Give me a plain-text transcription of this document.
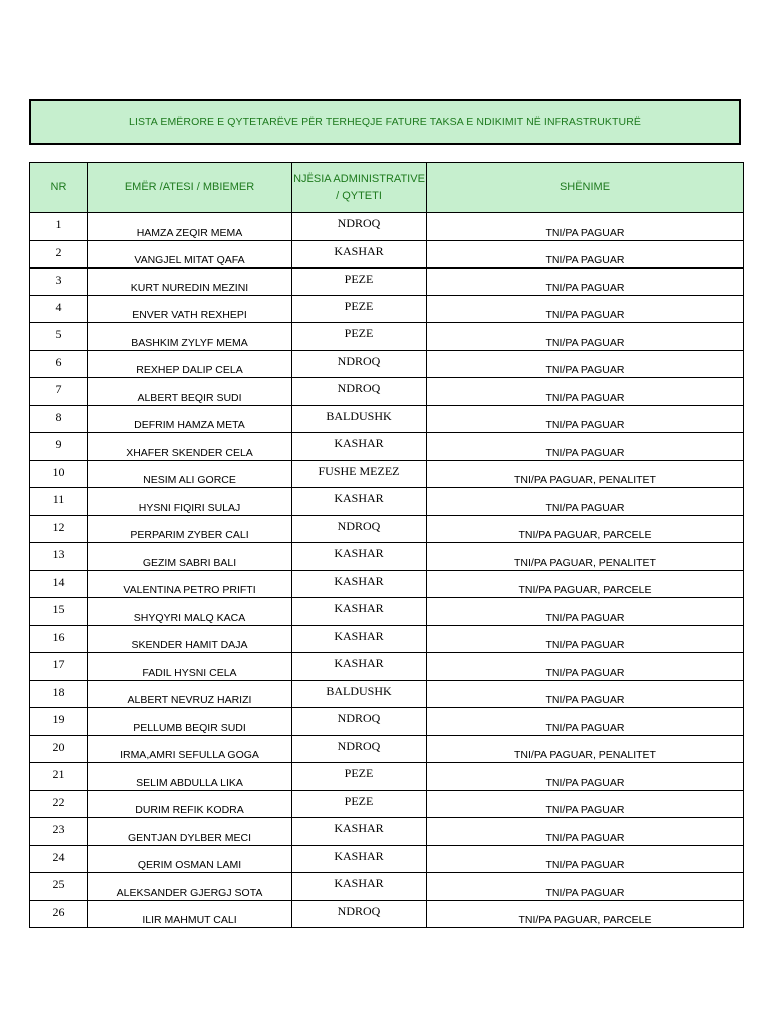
LISTA EMËRORE E QYTETARËVE PËR TERHEQJE FATURE TAKSA E NDIKIMIT NË INFRASTRUKTURË
NR	EMËR /ATESI / MBIEMER	NJËSIA ADMINISTRATIVE
/ QYTETI	SHËNIME
1	HAMZA ZEQIR MEMA	NDROQ	TNI/PA PAGUAR
2	VANGJEL MITAT QAFA	KASHAR	TNI/PA PAGUAR
3	KURT NUREDIN MEZINI	PEZE	TNI/PA PAGUAR
4	ENVER VATH REXHEPI	PEZE	TNI/PA PAGUAR
5	BASHKIM ZYLYF MEMA	PEZE	TNI/PA PAGUAR
6	REXHEP DALIP CELA	NDROQ	TNI/PA PAGUAR
7	ALBERT BEQIR SUDI	NDROQ	TNI/PA PAGUAR
8	DEFRIM HAMZA META	BALDUSHK	TNI/PA PAGUAR
9	XHAFER SKENDER CELA	KASHAR	TNI/PA PAGUAR
10	NESIM ALI GORCE	FUSHE MEZEZ	TNI/PA PAGUAR, PENALITET
11	HYSNI FIQIRI SULAJ	KASHAR	TNI/PA PAGUAR
12	PERPARIM ZYBER CALI	NDROQ	TNI/PA PAGUAR, PARCELE
13	GEZIM SABRI BALI	KASHAR	TNI/PA PAGUAR, PENALITET
14	VALENTINA PETRO PRIFTI	KASHAR	TNI/PA PAGUAR, PARCELE
15	SHYQYRI MALQ KACA	KASHAR	TNI/PA PAGUAR
16	SKENDER HAMIT DAJA	KASHAR	TNI/PA PAGUAR
17	FADIL HYSNI CELA	KASHAR	TNI/PA PAGUAR
18	ALBERT NEVRUZ HARIZI	BALDUSHK	TNI/PA PAGUAR
19	PELLUMB BEQIR SUDI	NDROQ	TNI/PA PAGUAR
20	IRMA,AMRI SEFULLA GOGA	NDROQ	TNI/PA PAGUAR, PENALITET
21	SELIM ABDULLA LIKA	PEZE	TNI/PA PAGUAR
22	DURIM REFIK KODRA	PEZE	TNI/PA PAGUAR
23	GENTJAN DYLBER MECI	KASHAR	TNI/PA PAGUAR
24	QERIM OSMAN LAMI	KASHAR	TNI/PA PAGUAR
25	ALEKSANDER GJERGJ SOTA	KASHAR	TNI/PA PAGUAR
26	ILIR MAHMUT CALI	NDROQ	TNI/PA PAGUAR, PARCELE
